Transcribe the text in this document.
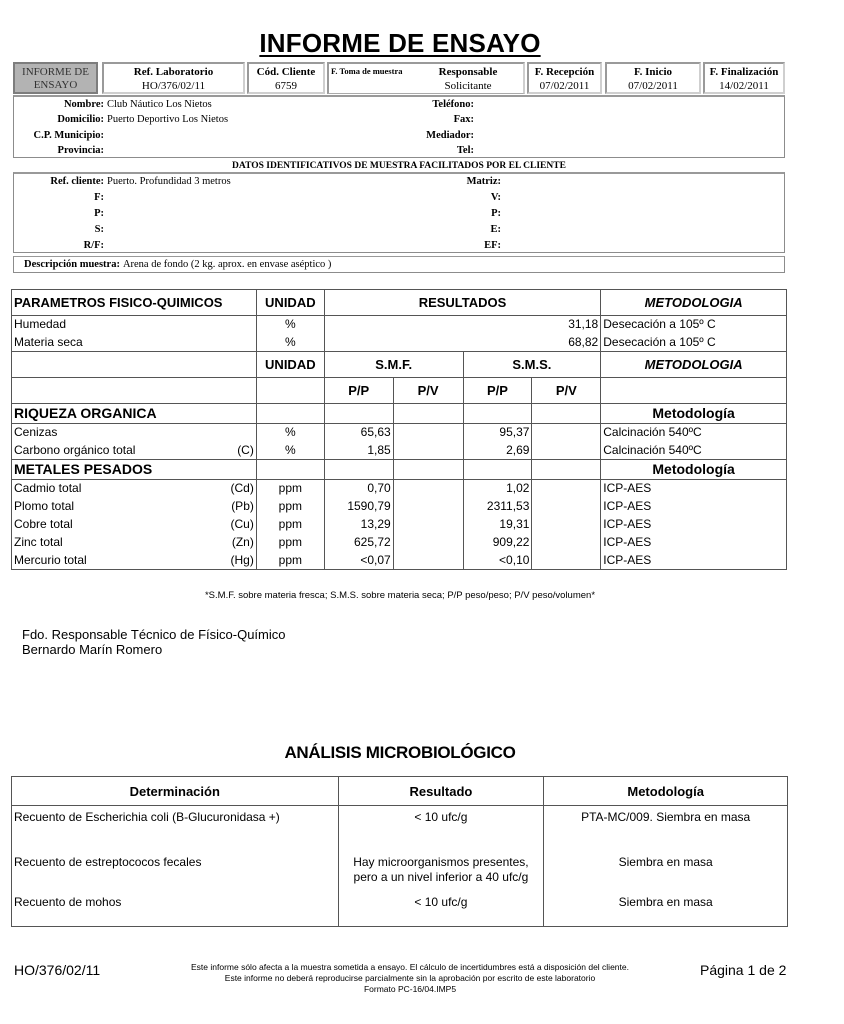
INFORME DE ENSAYO
INFORME DE ENSAYO
Ref. Laboratorio
HO/376/02/11
Cód. Cliente
6759
F. Toma de muestra	Responsable
Solicitante
F. Recepción
07/02/2011
F. Inicio
07/02/2011
F. Finalización
14/02/2011
Nombre: Club Náutico Los Nietos
Domicilio: Puerto Deportivo Los Nietos
C.P. Municipio:
Provincia:
Teléfono:
Fax:
Mediador:
Tel:
DATOS IDENTIFICATIVOS DE MUESTRA FACILITADOS POR EL CLIENTE
Ref. cliente: Puerto. Profundidad 3 metros
F:
P:
S:
R/F:
Matriz:
V:
P:
E:
EF:
Descripción muestra: Arena de fondo (2 kg. aprox. en envase aséptico )
PARAMETROS FISICO-QUIMICOS	UNIDAD	RESULTADOS				METODOLOGIA
Humedad	%	31,18				Desecación a 105º C
Materia seca	%	68,82				Desecación a 105º C
	UNIDAD	S.M.F.		S.M.S.		METODOLOGIA
		P/P	P/V	P/P	P/V	
RIQUEZA ORGANICA						Metodología
Cenizas	%	65,63		95,37		Calcinación 540ºC
Carbono orgánico total (C)	%	1,85		2,69		Calcinación 540ºC
METALES PESADOS						Metodología
Cadmio total (Cd)	ppm	0,70		1,02		ICP-AES
Plomo total (Pb)	ppm	1590,79		2311,53		ICP-AES
Cobre total (Cu)	ppm	13,29		19,31		ICP-AES
Zinc total (Zn)	ppm	625,72		909,22		ICP-AES
Mercurio total (Hg)	ppm	<0,07		<0,10		ICP-AES
*S.M.F. sobre materia fresca; S.M.S. sobre materia seca; P/P peso/peso; P/V peso/volumen*
Fdo. Responsable Técnico de Físico-Químico
Bernardo Marín Romero
ANÁLISIS MICROBIOLÓGICO
Determinación	Resultado	Metodología
Recuento de Escherichia coli (B-Glucuronidasa +)	< 10 ufc/g	PTA-MC/009. Siembra en masa
Recuento de estreptococos fecales	Hay microorganismos presentes, pero a un nivel inferior a 40 ufc/g	Siembra en masa
Recuento de mohos	< 10 ufc/g	Siembra en masa
HO/376/02/11	Este informe sólo afecta a la muestra sometida a ensayo. El cálculo de incertidumbres está a disposición del cliente.
Este informe no deberá reproducirse parcialmente sin la aprobación por escrito de este laboratorio
Formato PC-16/04.IMP5
Página 1 de 2
